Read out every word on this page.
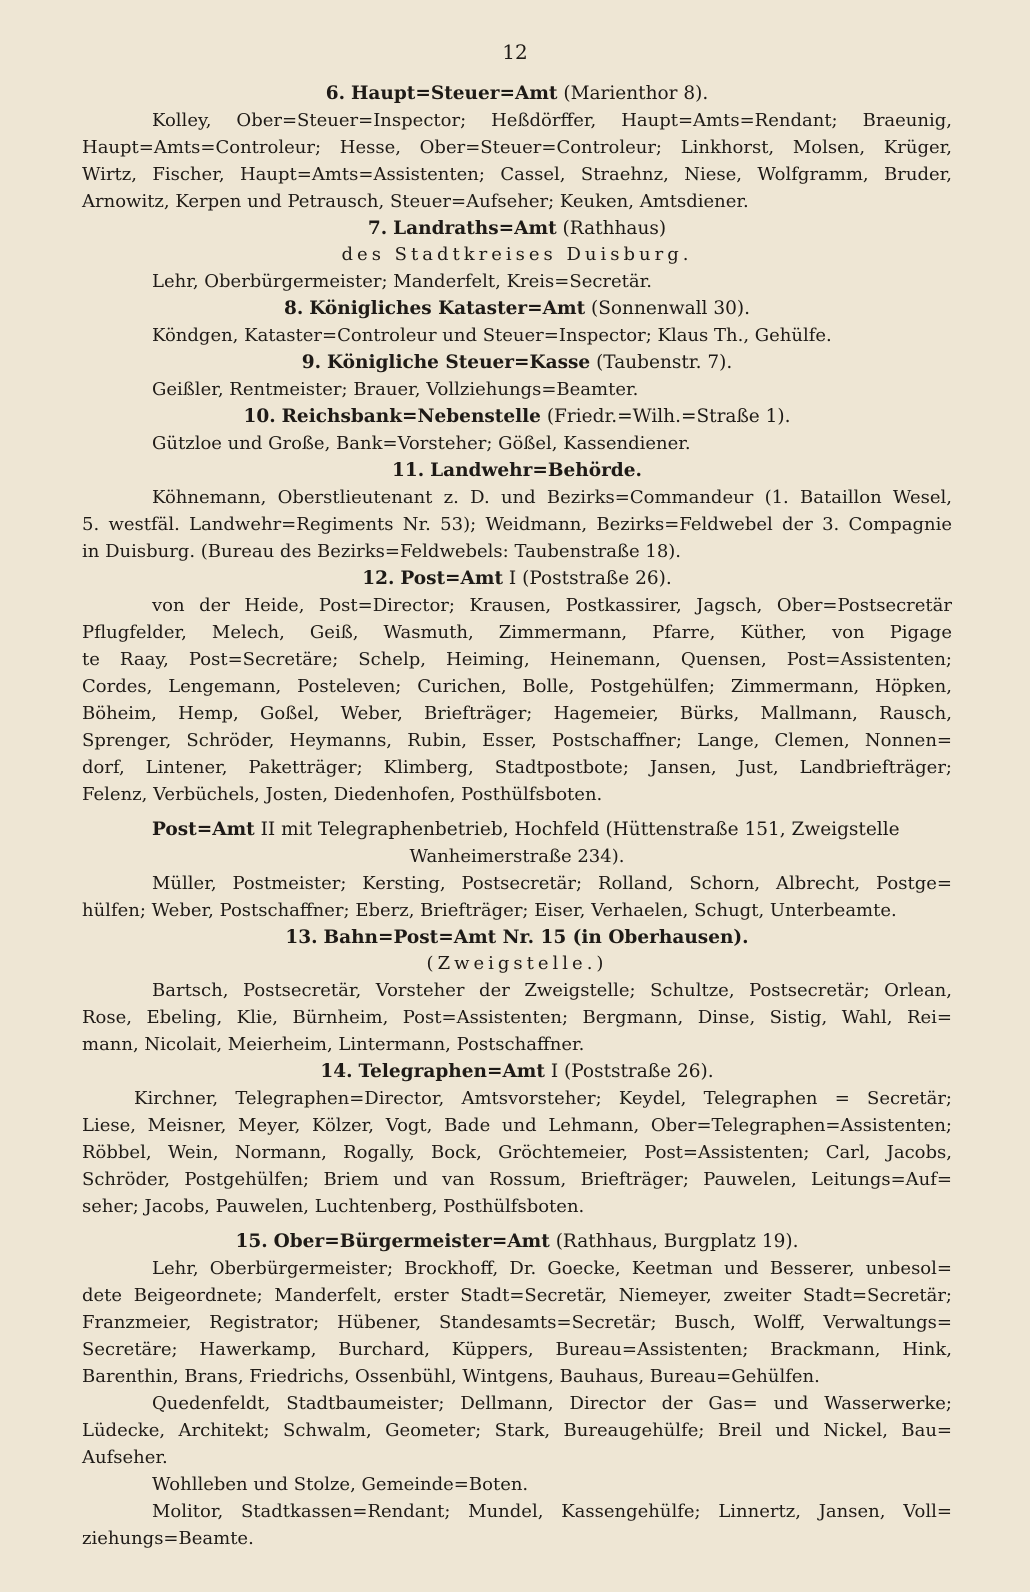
12
6. Haupt=Steuer=Amt (Marienthor 8).
Kolley, Ober=Steuer=Inspector; Heßdörffer, Haupt=Amts=Rendant; Braeunig,
Haupt=Amts=Controleur; Hesse, Ober=Steuer=Controleur; Linkhorst, Molsen, Krüger,
Wirtz, Fischer, Haupt=Amts=Assistenten; Cassel, Straehnz, Niese, Wolfgramm, Bruder,
Arnowitz, Kerpen und Petrausch, Steuer=Aufseher; Keuken, Amtsdiener.
7. Landraths=Amt (Rathhaus)
des Stadtkreises Duisburg.
Lehr, Oberbürgermeister; Manderfelt, Kreis=Secretär.
8. Königliches Kataster=Amt (Sonnenwall 30).
Köndgen, Kataster=Controleur und Steuer=Inspector; Klaus Th., Gehülfe.
9. Königliche Steuer=Kasse (Taubenstr. 7).
Geißler, Rentmeister; Brauer, Vollziehungs=Beamter.
10. Reichsbank=Nebenstelle (Friedr.=Wilh.=Straße 1).
Gützloe und Große, Bank=Vorsteher; Gößel, Kassendiener.
11. Landwehr=Behörde.
Köhnemann, Oberstlieutenant z. D. und Bezirks=Commandeur (1. Bataillon Wesel,
5. westfäl. Landwehr=Regiments Nr. 53); Weidmann, Bezirks=Feldwebel der 3. Compagnie
in Duisburg. (Bureau des Bezirks=Feldwebels: Taubenstraße 18).
12. Post=Amt I (Poststraße 26).
von der Heide, Post=Director; Krausen, Postkassirer, Jagsch, Ober=Postsecretär
Pflugfelder, Melech, Geiß, Wasmuth, Zimmermann, Pfarre, Küther, von Pigage
te Raay, Post=Secretäre; Schelp, Heiming, Heinemann, Quensen, Post=Assistenten;
Cordes, Lengemann, Posteleven; Curichen, Bolle, Postgehülfen; Zimmermann, Höpken,
Böheim, Hemp, Goßel, Weber, Briefträger; Hagemeier, Bürks, Mallmann, Rausch,
Sprenger, Schröder, Heymanns, Rubin, Esser, Postschaffner; Lange, Clemen, Nonnen=
dorf, Lintener, Paketträger; Klimberg, Stadtpostbote; Jansen, Just, Landbriefträger;
Felenz, Verbüchels, Josten, Diedenhofen, Posthülfsboten.
Post=Amt II mit Telegraphenbetrieb, Hochfeld (Hüttenstraße 151, Zweigstelle
Wanheimerstraße 234).
Müller, Postmeister; Kersting, Postsecretär; Rolland, Schorn, Albrecht, Postge=
hülfen; Weber, Postschaffner; Eberz, Briefträger; Eiser, Verhaelen, Schugt, Unterbeamte.
13. Bahn=Post=Amt Nr. 15 (in Oberhausen).
(Zweigstelle.)
Bartsch, Postsecretär, Vorsteher der Zweigstelle; Schultze, Postsecretär; Orlean,
Rose, Ebeling, Klie, Bürnheim, Post=Assistenten; Bergmann, Dinse, Sistig, Wahl, Rei=
mann, Nicolait, Meierheim, Lintermann, Postschaffner.
14. Telegraphen=Amt I (Poststraße 26).
Kirchner, Telegraphen=Director, Amtsvorsteher; Keydel, Telegraphen = Secretär;
Liese, Meisner, Meyer, Kölzer, Vogt, Bade und Lehmann, Ober=Telegraphen=Assistenten;
Röbbel, Wein, Normann, Rogally, Bock, Gröchtemeier, Post=Assistenten; Carl, Jacobs,
Schröder, Postgehülfen; Briem und van Rossum, Briefträger; Pauwelen, Leitungs=Auf=
seher; Jacobs, Pauwelen, Luchtenberg, Posthülfsboten.
15. Ober=Bürgermeister=Amt (Rathhaus, Burgplatz 19).
Lehr, Oberbürgermeister; Brockhoff, Dr. Goecke, Keetman und Besserer, unbesol=
dete Beigeordnete; Manderfelt, erster Stadt=Secretär, Niemeyer, zweiter Stadt=Secretär;
Franzmeier, Registrator; Hübener, Standesamts=Secretär; Busch, Wolff, Verwaltungs=
Secretäre; Hawerkamp, Burchard, Küppers, Bureau=Assistenten; Brackmann, Hink,
Barenthin, Brans, Friedrichs, Ossenbühl, Wintgens, Bauhaus, Bureau=Gehülfen.
Quedenfeldt, Stadtbaumeister; Dellmann, Director der Gas= und Wasserwerke;
Lüdecke, Architekt; Schwalm, Geometer; Stark, Bureaugehülfe; Breil und Nickel, Bau=
Aufseher.
Wohlleben und Stolze, Gemeinde=Boten.
Molitor, Stadtkassen=Rendant; Mundel, Kassengehülfe; Linnertz, Jansen, Voll=
ziehungs=Beamte.
